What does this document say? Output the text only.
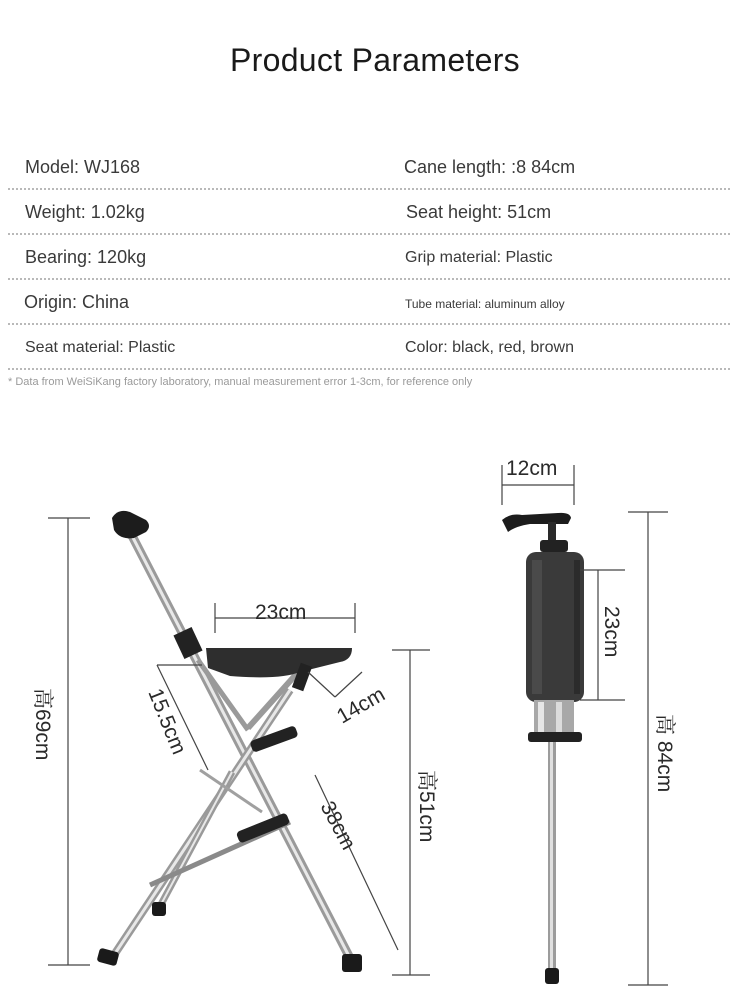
Product Parameters
Model: WJ168	Cane length: :8 84cm
Weight: 1.02kg	Seat height: 51cm
Bearing: 120kg	Grip material: Plastic
Origin: China	Tube material: aluminum alloy
Seat material: Plastic	Color: black, red, brown
* Data from WeiSiKang factory laboratory, manual measurement error 1-3cm, for reference only
高69cm
23cm
14cm
15.5cm
38cm	高51cm
12cm
23cm
高 84cm
